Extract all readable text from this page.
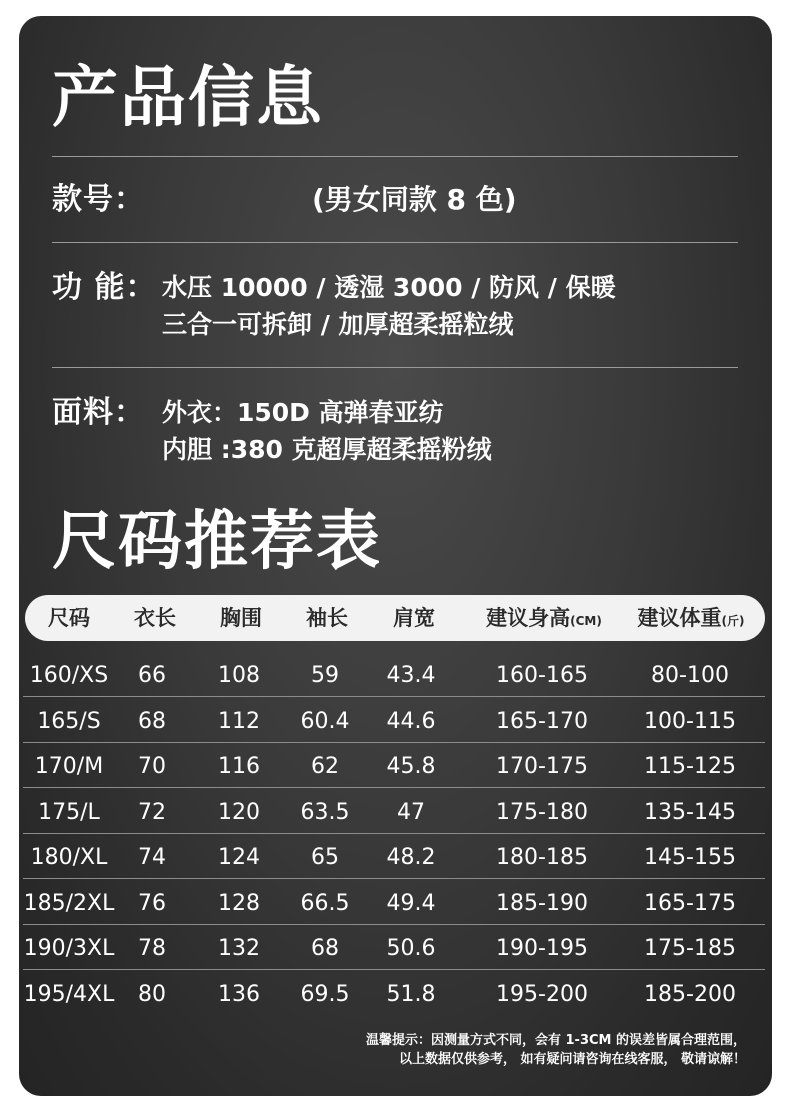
产品信息
款号：	(男女同款 8 色)
功 能： 水压 10000 / 透湿 3000 / 防风 / 保暖
三合一可拆卸 / 加厚超柔摇粒绒
面料： 外衣：150D 高弹春亚纺
内胆 :380 克超厚超柔摇粉绒
尺码推荐表
尺码	衣长	胸围	袖长	肩宽	建议身高(CM)	建议体重(斤)
160/XS	66	108	59	43.4	160-165	80-100
165/S	68	112	60.4	44.6	165-170	100-115
170/M	70	116	62	45.8	170-175	115-125
175/L	72	120	63.5	47	175-180	135-145
180/XL	74	124	65	48.2	180-185	145-155
185/2XL	76	128	66.5	49.4	185-190	165-175
190/3XL	78	132	68	50.6	190-195	175-185
195/4XL	80	136	69.5	51.8	195-200	185-200
温馨提示：因测量方式不同，会有 1-3CM 的误差皆属合理范围，
以上数据仅供参考， 如有疑问请咨询在线客服， 敬请谅解！
